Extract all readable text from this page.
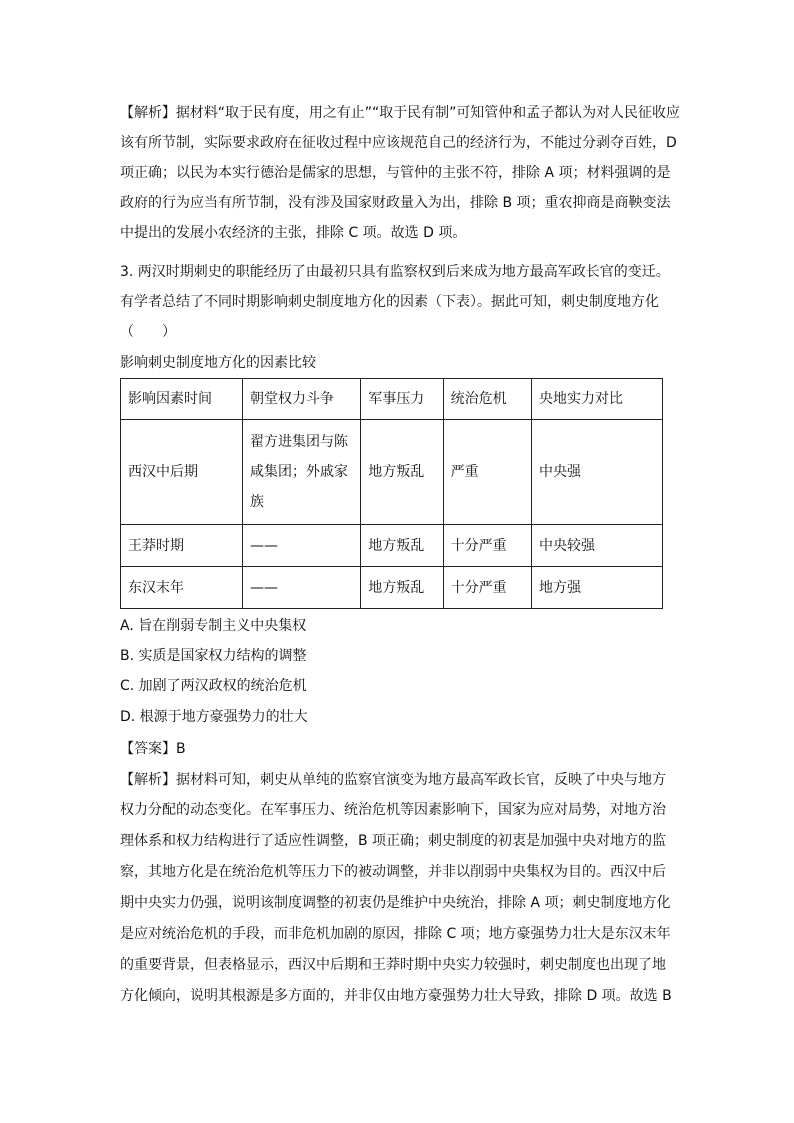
【解析】据材料“取于民有度，用之有止”“取于民有制”可知管仲和孟子都认为对人民征收应
该有所节制，实际要求政府在征收过程中应该规范自己的经济行为，不能过分剥夺百姓，D
项正确；以民为本实行德治是儒家的思想，与管仲的主张不符，排除 A 项；材料强调的是
政府的行为应当有所节制，没有涉及国家财政量入为出，排除 B 项；重农抑商是商鞅变法
中提出的发展小农经济的主张，排除 C 项。故选 D 项。
3. 两汉时期刺史的职能经历了由最初只具有监察权到后来成为地方最高军政长官的变迁。
有学者总结了不同时期影响刺史制度地方化的因素（下表）。据此可知，刺史制度地方化
（　　）
影响刺史制度地方化的因素比较
影响因素时间	朝堂权力斗争	军事压力	统治危机	央地实力对比
西汉中后期	翟方进集团与陈咸集团；外戚家族	地方叛乱	严重	中央强
王莽时期	——	地方叛乱	十分严重	中央较强
东汉末年	——	地方叛乱	十分严重	地方强
A. 旨在削弱专制主义中央集权
B. 实质是国家权力结构的调整
C. 加剧了两汉政权的统治危机
D. 根源于地方豪强势力的壮大
【答案】B
【解析】据材料可知，刺史从单纯的监察官演变为地方最高军政长官，反映了中央与地方
权力分配的动态变化。在军事压力、统治危机等因素影响下，国家为应对局势，对地方治
理体系和权力结构进行了适应性调整，B 项正确；刺史制度的初衷是加强中央对地方的监
察，其地方化是在统治危机等压力下的被动调整，并非以削弱中央集权为目的。西汉中后
期中央实力仍强，说明该制度调整的初衷仍是维护中央统治，排除 A 项；刺史制度地方化
是应对统治危机的手段，而非危机加剧的原因，排除 C 项；地方豪强势力壮大是东汉末年
的重要背景，但表格显示，西汉中后期和王莽时期中央实力较强时，刺史制度也出现了地
方化倾向，说明其根源是多方面的，并非仅由地方豪强势力壮大导致，排除 D 项。故选 B
